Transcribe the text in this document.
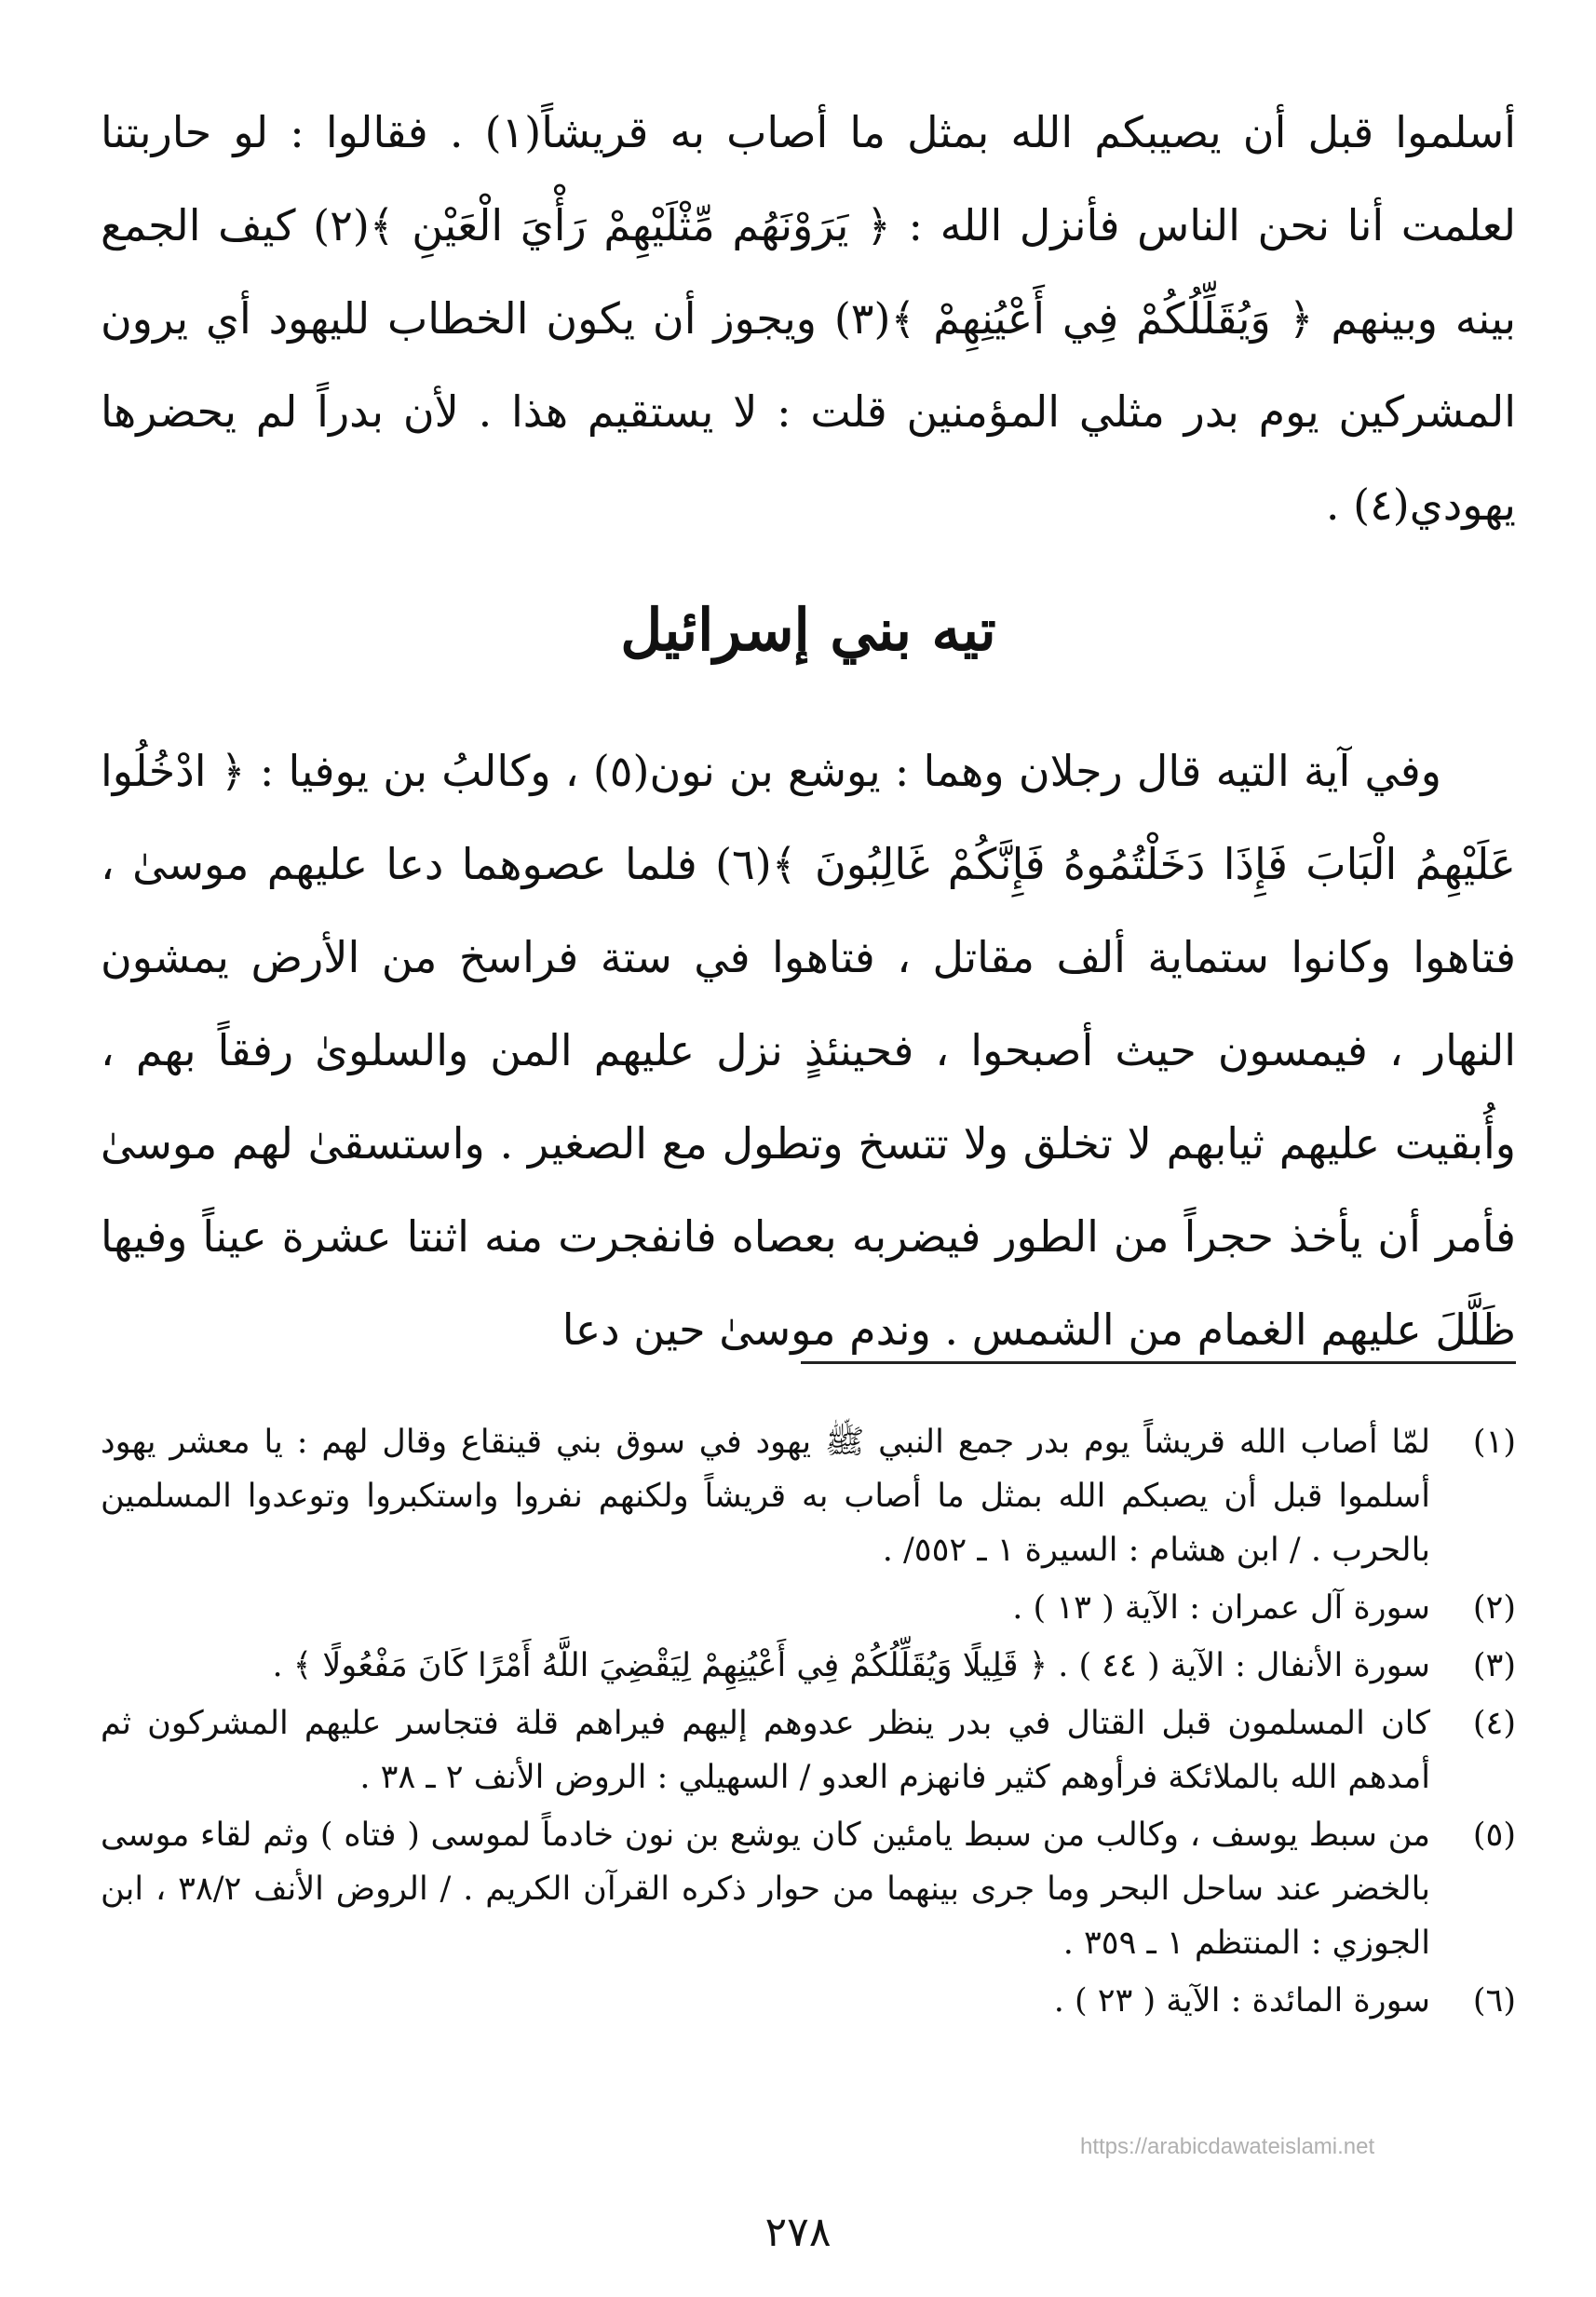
أسلموا قبل أن يصيبكم الله بمثل ما أصاب به قريشاً(١) . فقالوا : لو حاربتنا لعلمت أنا نحن الناس فأنزل الله : ﴿ يَرَوْنَهُم مِّثْلَيْهِمْ رَأْيَ الْعَيْنِ ﴾(٢) كيف الجمع بينه وبينهم ﴿ وَيُقَلِّلُكُمْ فِي أَعْيُنِهِمْ ﴾(٣) ويجوز أن يكون الخطاب لليهود أي يرون المشركين يوم بدر مثلي المؤمنين قلت : لا يستقيم هذا . لأن بدراً لم يحضرها يهودي(٤) .

تيه بني إسرائيل

وفي آية التيه قال رجلان وهما : يوشع بن نون(٥) ، وكالبُ بن يوفيا : ﴿ ادْخُلُوا عَلَيْهِمُ الْبَابَ فَإِذَا دَخَلْتُمُوهُ فَإِنَّكُمْ غَالِبُونَ ﴾(٦) فلما عصوهما دعا عليهم موسىٰ ، فتاهوا وكانوا ستماية ألف مقاتل ، فتاهوا في ستة فراسخ من الأرض يمشون النهار ، فيمسون حيث أصبحوا ، فحينئذٍ نزل عليهم المن والسلوىٰ رفقاً بهم ، وأُبقيت عليهم ثيابهم لا تخلق ولا تتسخ وتطول مع الصغير . واستسقىٰ لهم موسىٰ فأمر أن يأخذ حجراً من الطور فيضربه بعصاه فانفجرت منه اثنتا عشرة عيناً وفيها ظَلَّلَ عليهم الغمام من الشمس . وندم موسىٰ حين دعا

(١)
لمّا أصاب الله قريشاً يوم بدر جمع النبي ﷺ يهود في سوق بني قينقاع وقال لهم : يا معشر يهود أسلموا قبل أن يصبكم الله بمثل ما أصاب به قريشاً ولكنهم نفروا واستكبروا وتوعدوا المسلمين بالحرب . / ابن هشام : السيرة ١ ـ ٥٥٢/ .
(٢)
سورة آل عمران : الآية ( ١٣ ) .
(٣)
سورة الأنفال : الآية ( ٤٤ ) . ﴿ قَلِيلًا وَيُقَلِّلُكُمْ فِي أَعْيُنِهِمْ لِيَقْضِيَ اللَّهُ أَمْرًا كَانَ مَفْعُولًا ﴾ .
(٤)
كان المسلمون قبل القتال في بدر ينظر عدوهم إليهم فيراهم قلة فتجاسر عليهم المشركون ثم أمدهم الله بالملائكة فرأوهم كثير فانهزم العدو / السهيلي : الروض الأنف ٢ ـ ٣٨ .
(٥)
من سبط يوسف ، وكالب من سبط يامئين كان يوشع بن نون خادماً لموسى ( فتاه ) وثم لقاء موسى بالخضر عند ساحل البحر وما جرى بينهما من حوار ذكره القرآن الكريم . / الروض الأنف ٣٨/٢ ، ابن الجوزي : المنتظم ١ ـ ٣٥٩ .
(٦)
سورة المائدة : الآية ( ٢٣ ) .
https://arabicdawateislami.net
٢٧٨
